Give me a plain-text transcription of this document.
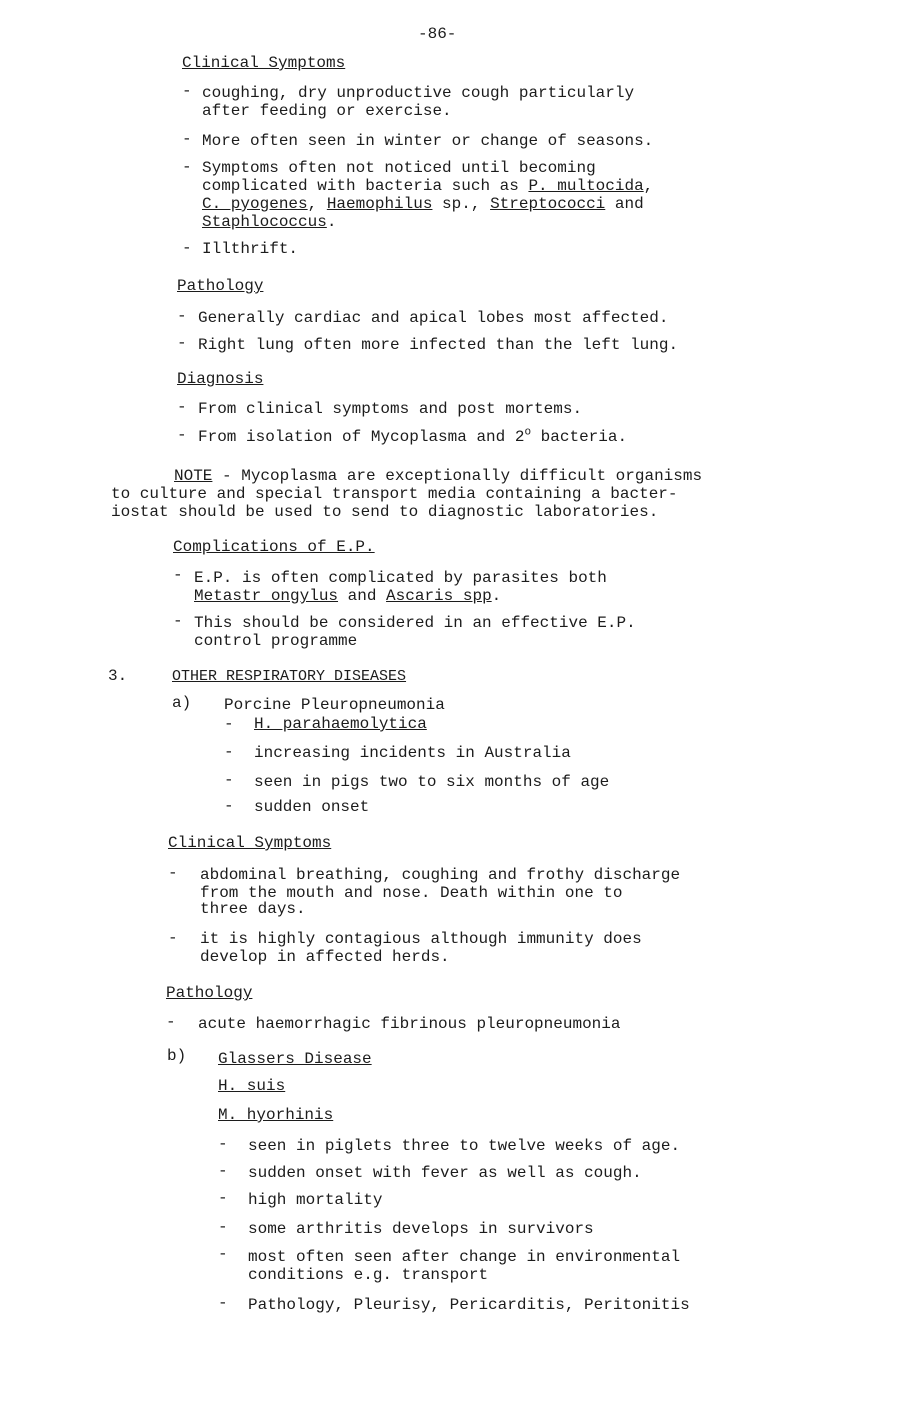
-86-
Clinical Symptoms
- coughing, dry unproductive cough particularly
after feeding or exercise.
- More often seen in winter or change of seasons.
- Symptoms often not noticed until becoming
complicated with bacteria such as P. multocida,
C. pyogenes, Haemophilus sp., Streptococci and
Staphlococcus.
- Illthrift.
Pathology
- Generally cardiac and apical lobes most affected.
- Right lung often more infected than the left lung.
Diagnosis
- From clinical symptoms and post mortems.
- From isolation of Mycoplasma and 2$^o$ bacteria.
NOTE - Mycoplasma are exceptionally difficult organisms
to culture and special transport media containing a bacter-
iostat should be used to send to diagnostic laboratories.
Complications of E.P.
- E.P. is often complicated by parasites both
Metastr ongylus and Ascaris spp.
- This should be considered in an effective E.P.
control programme
3.	OTHER RESPIRATORY DISEASES
a) Porcine Pleuropneumonia
- H. parahaemolytica
- increasing incidents in Australia
- seen in pigs two to six months of age
- sudden onset
Clinical Symptoms
- abdominal breathing, coughing and frothy discharge
from the mouth and nose. Death within one to
three days.
- it is highly contagious although immunity does
develop in affected herds.
Pathology
- acute haemorrhagic fibrinous pleuropneumonia
b) Glassers Disease
H. suis
M. hyorhinis
- seen in piglets three to twelve weeks of age.
- sudden onset with fever as well as cough.
- high mortality
- some arthritis develops in survivors
- most often seen after change in environmental
conditions e.g. transport
- Pathology, Pleurisy, Pericarditis, Peritonitis
